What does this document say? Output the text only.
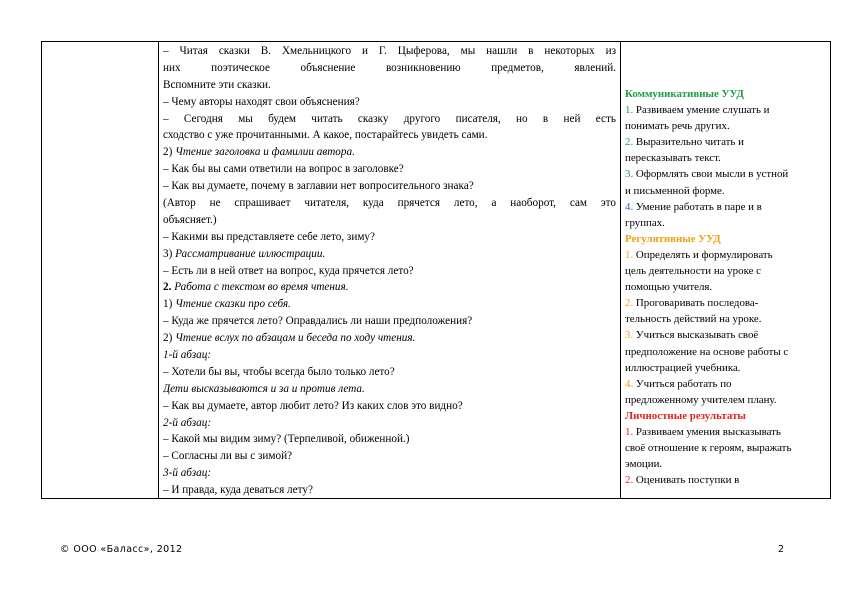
– Читая сказки В. Хмельницкого и Г. Цыферова, мы нашли в некоторых из
них поэтическое объяснение возникновению предметов, явлений.
Вспомните эти сказки.
– Чему авторы находят свои объяснения?
– Сегодня мы будем читать сказку другого писателя, но в ней есть
сходство с уже прочитанными. А какое, постарайтесь увидеть сами.
2) Чтение заголовка и фамилии автора.
– Как бы вы сами ответили на вопрос в заголовке?
– Как вы думаете, почему в заглавии нет вопросительного знака?
(Автор не спрашивает читателя, куда прячется лето, а наоборот, сам это
объясняет.)
– Какими вы представляете себе лето, зиму?
3) Рассматривание иллюстрации.
– Есть ли в ней ответ на вопрос, куда прячется лето?
2. Работа с текстом во время чтения.
1) Чтение сказки про себя.
– Куда же прячется лето? Оправдались ли наши предположения?
2) Чтение вслух по абзацам и беседа по ходу чтения.
1-й абзац:
– Хотели бы вы, чтобы всегда было только лето?
Дети высказываются и за и против лета.
– Как вы думаете, автор любит лето? Из каких слов это видно?
2-й абзац:
– Какой мы видим зиму? (Терпеливой, обиженной.)
– Согласны ли вы с зимой?
3-й абзац:
– И правда, куда деваться лету?
Коммуникативные УУД
1. Развиваем умение слушать и
понимать речь других.
2. Выразительно читать и
пересказывать текст.
3. Оформлять свои мысли в устной
и письменной форме.
4. Умение работать в паре и в
группах.
Регулятивные УУД
1. Определять и формулировать
цель деятельности на уроке с
помощью учителя.
2. Проговаривать последова-
тельность действий на уроке.
3. Учиться высказывать своё
предположение на основе работы с
иллюстрацией учебника.
4. Учиться работать по
предложенному учителем плану.
Личностные результаты
1. Развиваем умения высказывать
своё отношение к героям, выражать
эмоции.
2. Оценивать поступки в
© ООО «Баласс», 2012	2
